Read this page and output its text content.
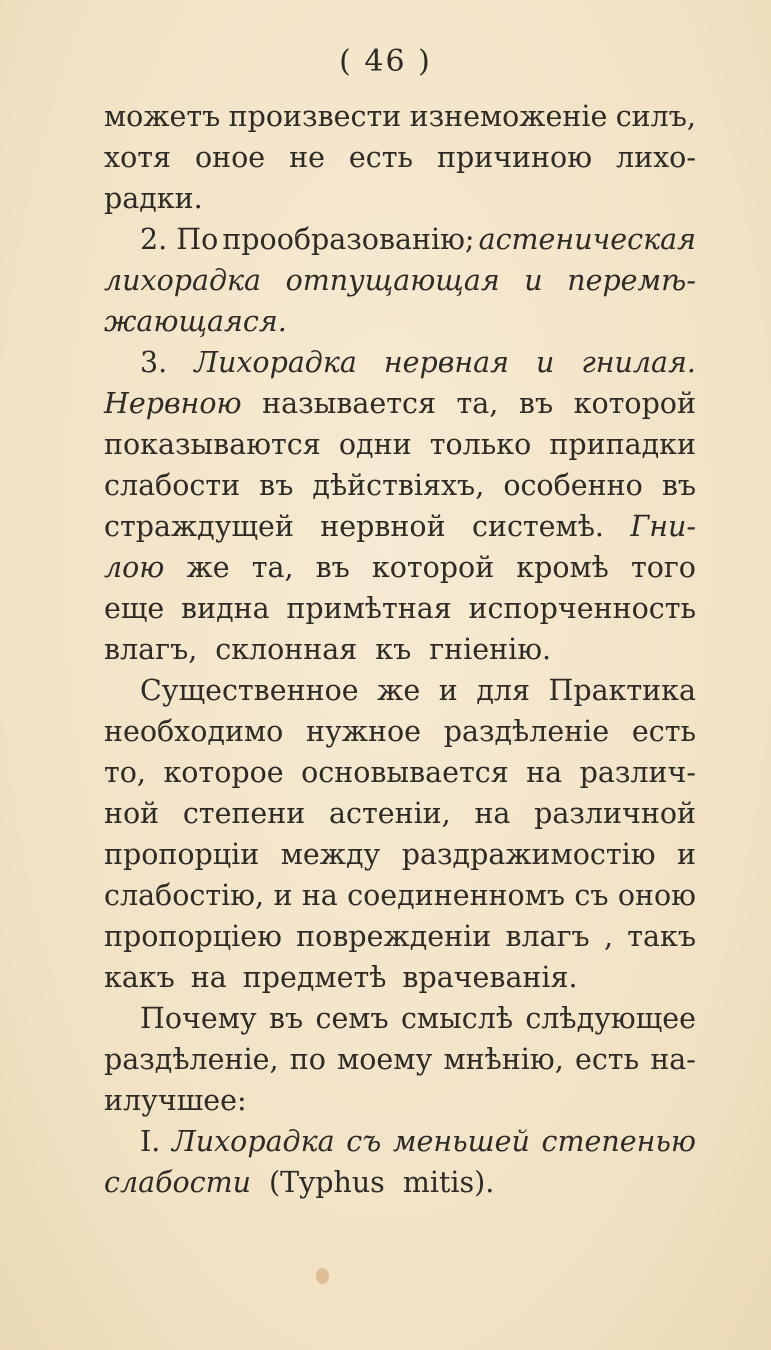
( 46 )
можетъ произвести изнеможенiе силъ,
хотя оное не есть причиною лихо-
радки.
2. По прообразованiю; астеническая
лихорадка отпущающая и перемѣ-
жающаяся.
3. Лихорадка нервная и гнилая.
Нервною называется та, въ которой
показываются одни только припадки
слабости въ дѣйствiяхъ, особенно въ
страждущей нервной системѣ. Гни-
лою же та, въ которой кромѣ того
еще видна примѣтная испорченность
влагъ, склонная къ гнiенiю.
Существенное же и для Практика
необходимо нужное раздѣленiе есть
то, которое основывается на различ-
ной степени астенiи, на различной
пропорцiи между раздражимостiю и
слабостiю, и на соединенномъ съ оною
пропорцiею поврежденiи влагъ , такъ
какъ на предметѣ врачеванiя.
Почему въ семъ смыслѣ слѣдующее
раздѣленiе, по моему мнѣнiю, есть на-
илучшее:
I. Лихорадка съ меньшей степенью
слабости (Typhus mitis).
